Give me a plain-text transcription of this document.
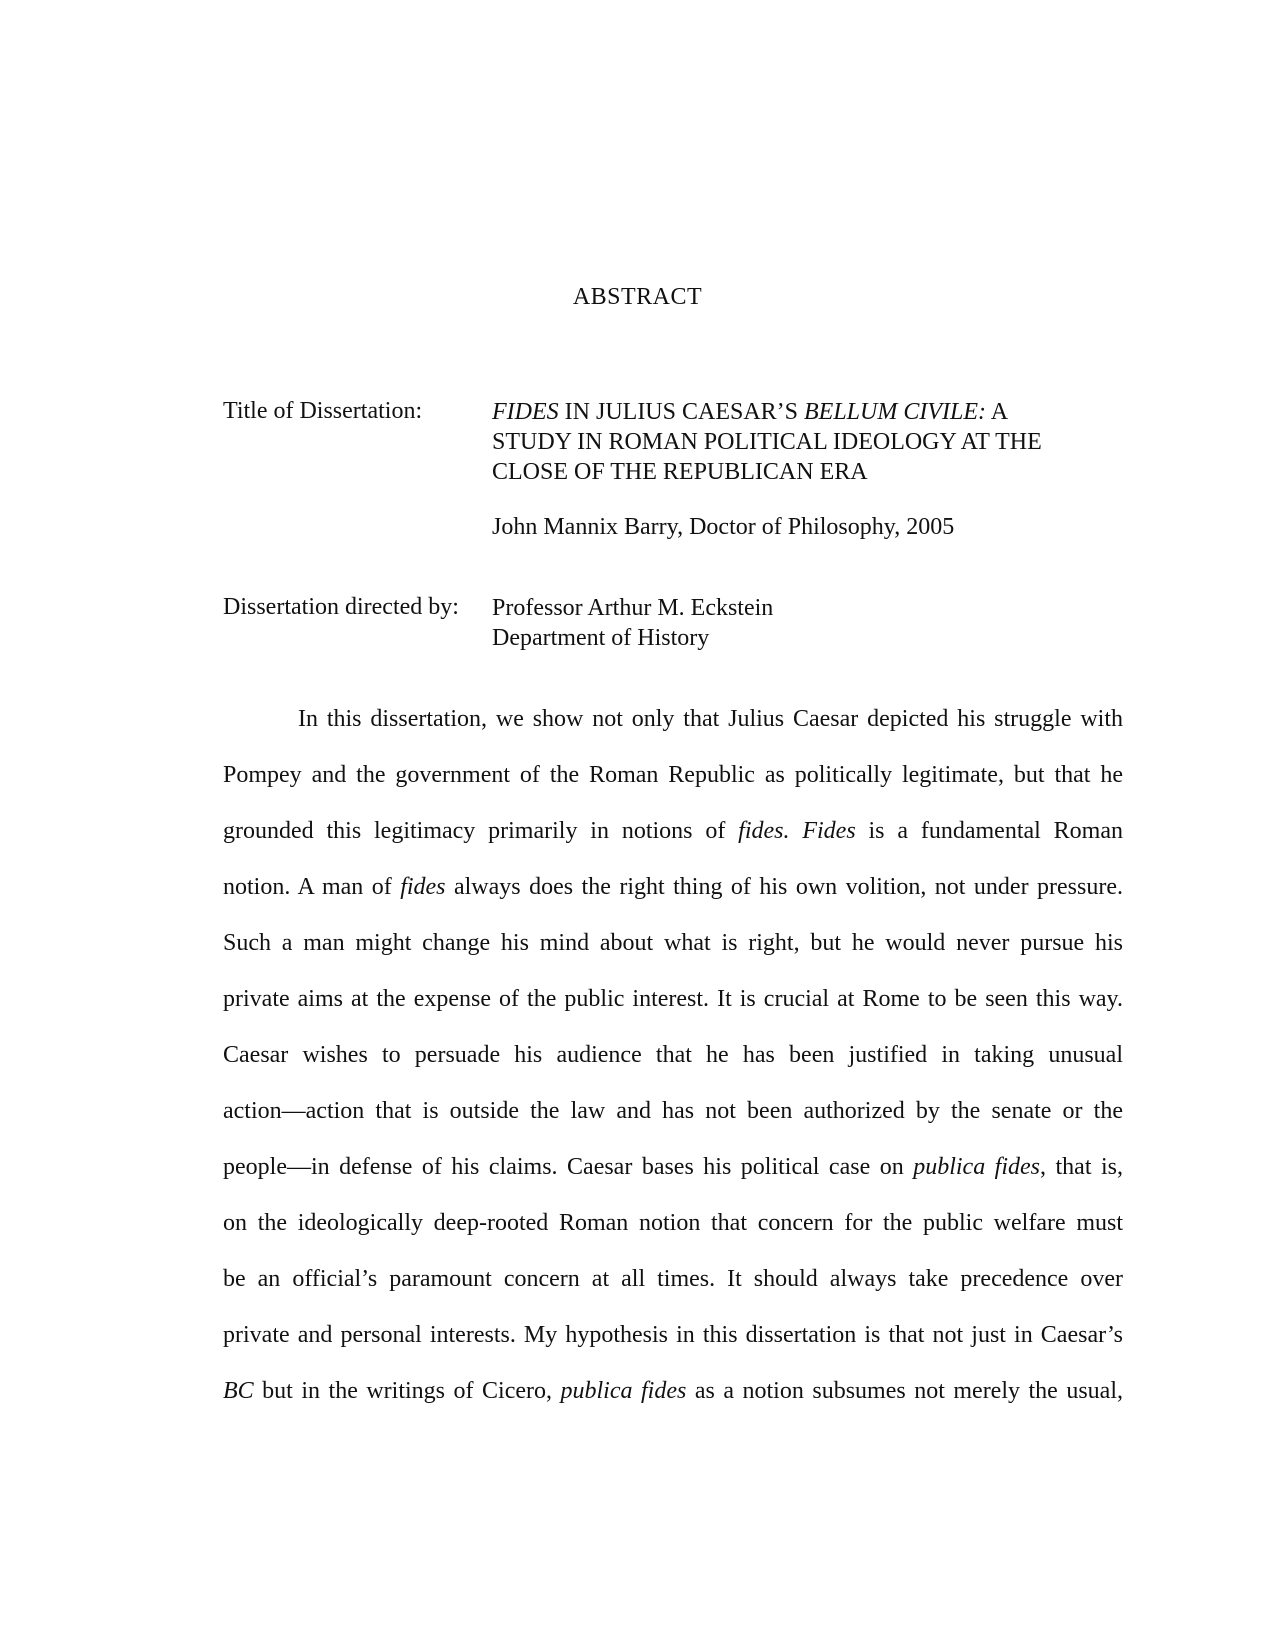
ABSTRACT
Title of Dissertation:	FIDES IN JULIUS CAESAR’S BELLUM CIVILE: A
STUDY IN ROMAN POLITICAL IDEOLOGY AT THE
CLOSE OF THE REPUBLICAN ERA
John Mannix Barry, Doctor of Philosophy, 2005
Dissertation directed by: Professor Arthur M. Eckstein
Department of History
In this dissertation, we show not only that Julius Caesar depicted his struggle with
Pompey and the government of the Roman Republic as politically legitimate, but that he
grounded this legitimacy primarily in notions of fides. Fides is a fundamental Roman
notion. A man of fides always does the right thing of his own volition, not under pressure.
Such a man might change his mind about what is right, but he would never pursue his
private aims at the expense of the public interest. It is crucial at Rome to be seen this way.
Caesar wishes to persuade his audience that he has been justified in taking unusual
action—action that is outside the law and has not been authorized by the senate or the
people—in defense of his claims. Caesar bases his political case on publica fides, that is,
on the ideologically deep-rooted Roman notion that concern for the public welfare must
be an official’s paramount concern at all times. It should always take precedence over
private and personal interests. My hypothesis in this dissertation is that not just in Caesar’s
BC but in the writings of Cicero, publica fides as a notion subsumes not merely the usual,
